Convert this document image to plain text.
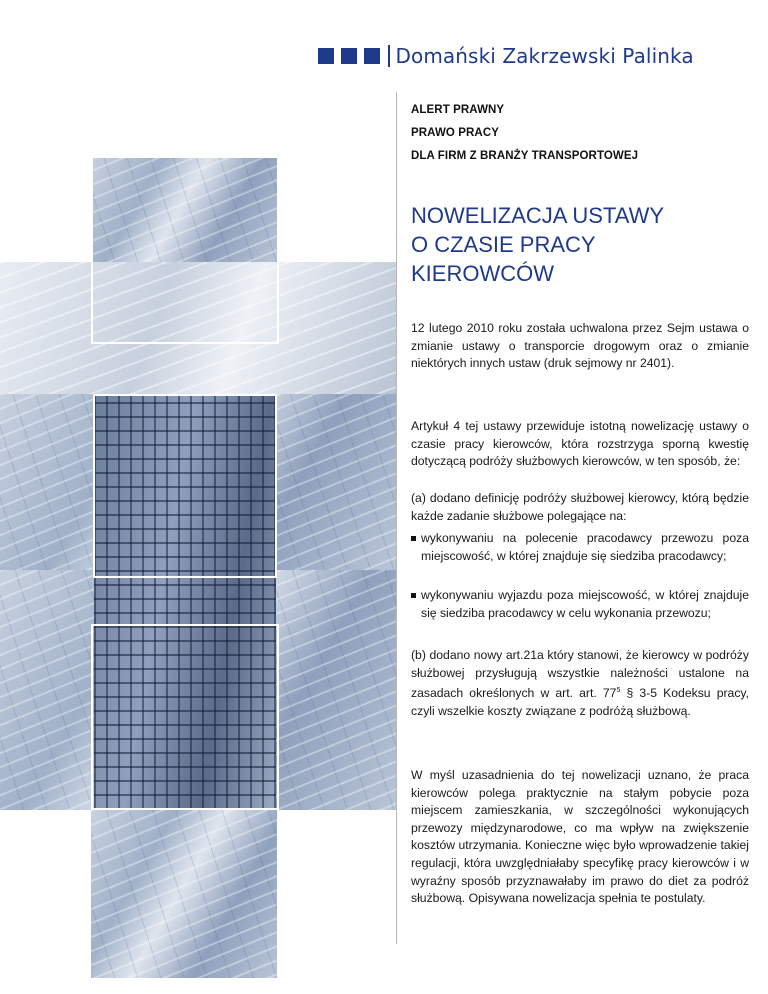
Domański Zakrzewski Palinka
ALERT PRAWNY
PRAWO PRACY
DLA FIRM Z BRANŻY TRANSPORTOWEJ
NOWELIZACJA USTAWY
O CZASIE PRACY
KIEROWCÓW

12 lutego 2010 roku została uchwalona przez Sejm ustawa o zmianie ustawy o transporcie drogowym oraz o zmianie niektórych innych ustaw (druk sejmowy nr 2401).

Artykuł 4 tej ustawy przewiduje istotną nowelizację ustawy o czasie pracy kierowców, która rozstrzyga sporną kwestię dotyczącą podróży służbowych kierowców, w ten sposób, że:

(a) dodano definicję podróży służbowej kierowcy, którą będzie każde zadanie służbowe polegające na:

wykonywaniu na polecenie pracodawcy przewozu poza miejscowość, w której znajduje się siedziba pracodawcy;
wykonywaniu wyjazdu poza miejscowość, w której znajduje się siedziba pracodawcy w celu wykonania przewozu;

(b) dodano nowy art.21a który stanowi, że kierowcy w podróży służbowej przysługują wszystkie należności ustalone na zasadach określonych w art. art. $77^5$ § 3-5 Kodeksu pracy, czyli wszelkie koszty związane z podróżą służbową.

W myśl uzasadnienia do tej nowelizacji uznano, że praca kierowców polega praktycznie na stałym pobycie poza miejscem zamieszkania, w szczególności wykonujących przewozy międzynarodowe, co ma wpływ na zwiększenie kosztów utrzymania. Konieczne więc było wprowadzenie takiej regulacji, która uwzględniałaby specyfikę pracy kierowców i w wyraźny sposób przyznawałaby im prawo do diet za podróż służbową. Opisywana nowelizacja spełnia te postulaty.
